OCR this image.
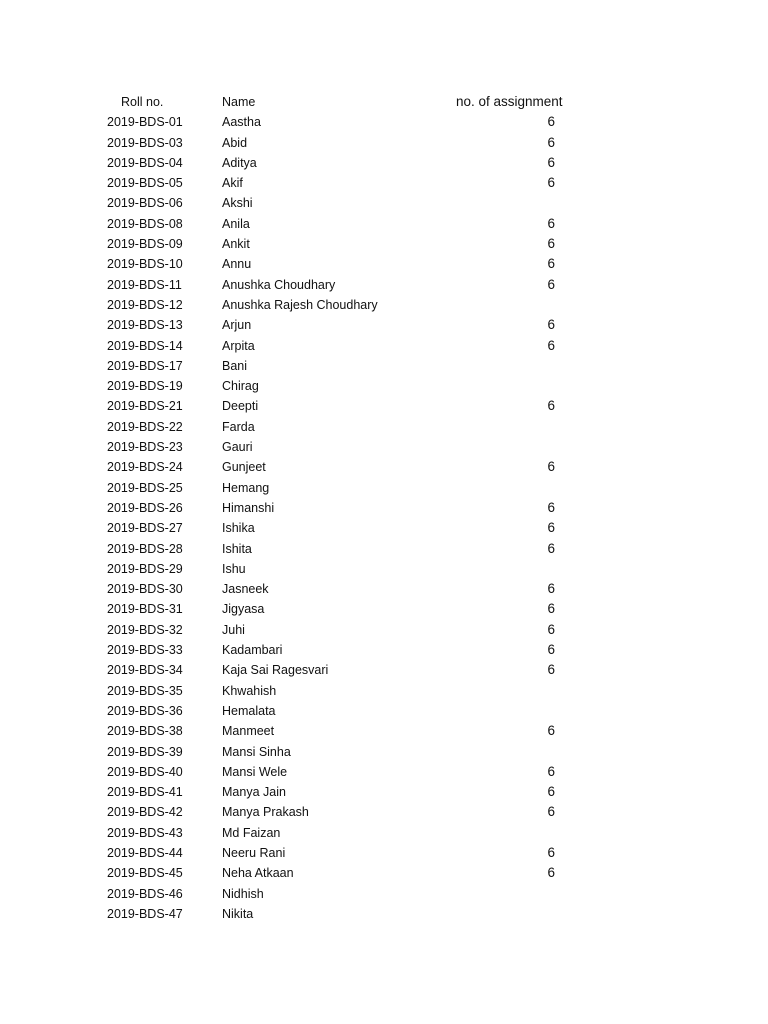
Roll no.	Name	no. of assignment
2019-BDS-01	Aastha	6
2019-BDS-03	Abid	6
2019-BDS-04	Aditya	6
2019-BDS-05	Akif	6
2019-BDS-06	Akshi
2019-BDS-08	Anila	6
2019-BDS-09	Ankit	6
2019-BDS-10	Annu	6
2019-BDS-11	Anushka Choudhary	6
2019-BDS-12	Anushka Rajesh Choudhary
2019-BDS-13	Arjun	6
2019-BDS-14	Arpita	6
2019-BDS-17	Bani
2019-BDS-19	Chirag
2019-BDS-21	Deepti	6
2019-BDS-22	Farda
2019-BDS-23	Gauri
2019-BDS-24	Gunjeet	6
2019-BDS-25	Hemang
2019-BDS-26	Himanshi	6
2019-BDS-27	Ishika	6
2019-BDS-28	Ishita	6
2019-BDS-29	Ishu
2019-BDS-30	Jasneek	6
2019-BDS-31	Jigyasa	6
2019-BDS-32	Juhi	6
2019-BDS-33	Kadambari	6
2019-BDS-34	Kaja Sai Ragesvari	6
2019-BDS-35	Khwahish
2019-BDS-36	Hemalata
2019-BDS-38	Manmeet	6
2019-BDS-39	Mansi Sinha
2019-BDS-40	Mansi Wele	6
2019-BDS-41	Manya Jain	6
2019-BDS-42	Manya Prakash	6
2019-BDS-43	Md Faizan
2019-BDS-44	Neeru Rani	6
2019-BDS-45	Neha Atkaan	6
2019-BDS-46	Nidhish
2019-BDS-47	Nikita
